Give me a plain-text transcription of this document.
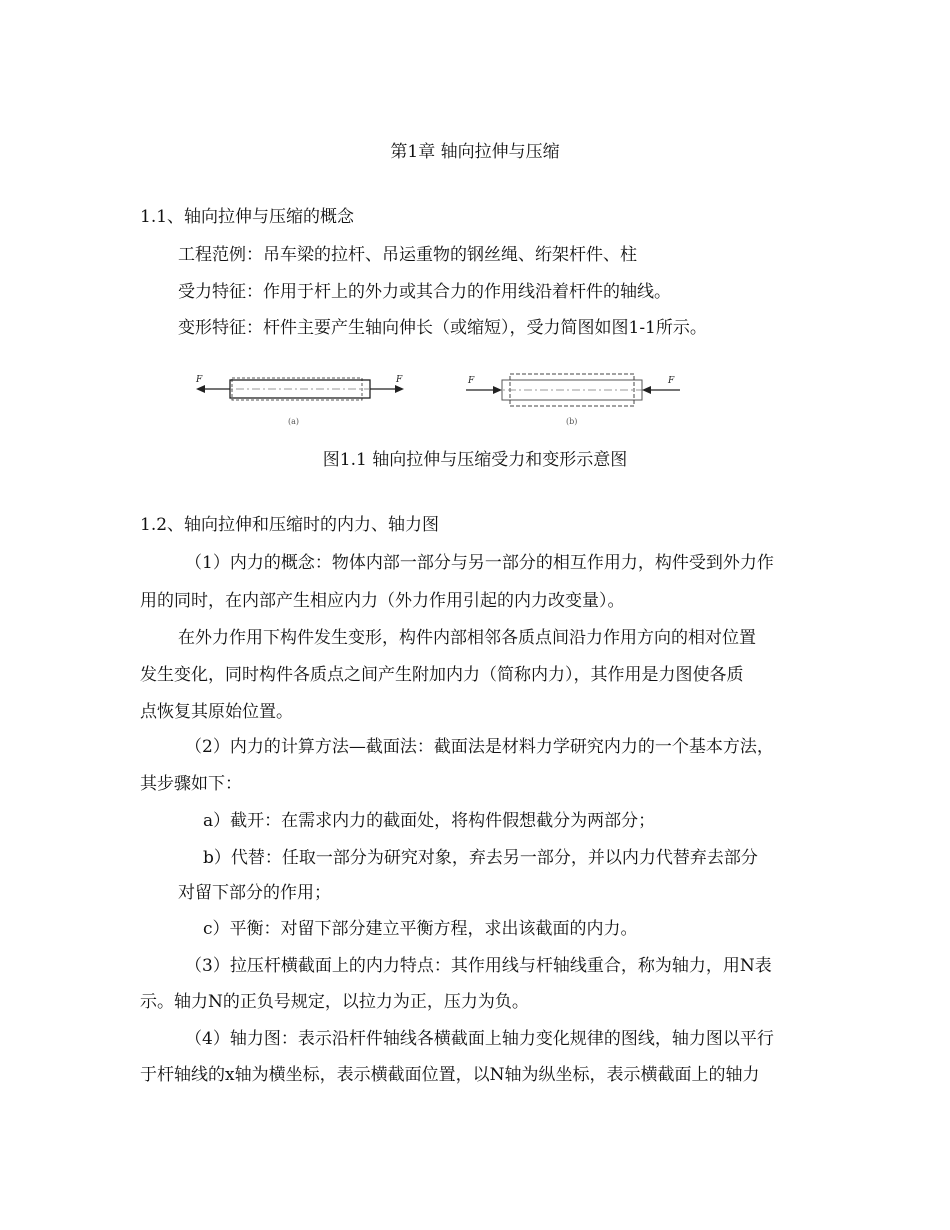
第1章 轴向拉伸与压缩
1.1、轴向拉伸与压缩的概念
工程范例：吊车梁的拉杆、吊运重物的钢丝绳、绗架杆件、柱
受力特征：作用于杆上的外力或其合力的作用线沿着杆件的轴线。
变形特征：杆件主要产生轴向伸长（或缩短），受力简图如图1-1所示。
F	F
(a)
F	F
(b)
图1.1 轴向拉伸与压缩受力和变形示意图
1.2、轴向拉伸和压缩时的内力、轴力图
（1）内力的概念：物体内部一部分与另一部分的相互作用力，构件受到外力作
用的同时，在内部产生相应内力（外力作用引起的内力改变量）。
在外力作用下构件发生变形，构件内部相邻各质点间沿力作用方向的相对位置
发生变化，同时构件各质点之间产生附加内力（简称内力），其作用是力图使各质
点恢复其原始位置。
（2）内力的计算方法—截面法：截面法是材料力学研究内力的一个基本方法，
其步骤如下：
a）截开：在需求内力的截面处，将构件假想截分为两部分；
b）代替：任取一部分为研究对象，弃去另一部分，并以内力代替弃去部分
对留下部分的作用；
c）平衡：对留下部分建立平衡方程，求出该截面的内力。
（3）拉压杆横截面上的内力特点：其作用线与杆轴线重合，称为轴力，用N表
示。轴力N的正负号规定，以拉力为正，压力为负。
（4）轴力图：表示沿杆件轴线各横截面上轴力变化规律的图线，轴力图以平行
于杆轴线的x轴为横坐标，表示横截面位置，以N轴为纵坐标，表示横截面上的轴力
